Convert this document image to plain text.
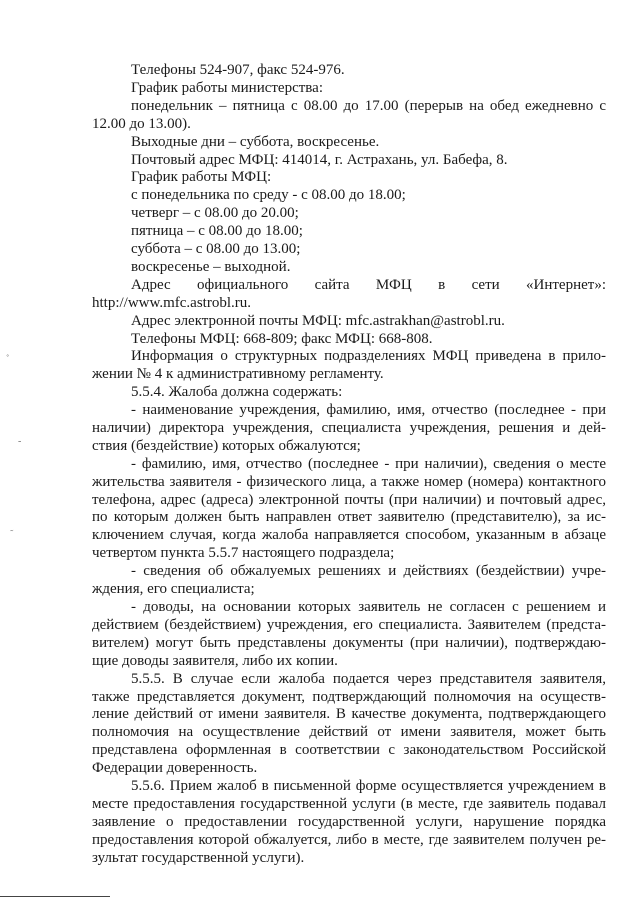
Телефоны 524-907, факс 524-976.
График работы министерства:
понедельник – пятница с 08.00 до 17.00 (перерыв на обед ежедневно с
12.00 до 13.00).
Выходные дни – суббота, воскресенье.
Почтовый адрес МФЦ: 414014, г. Астрахань, ул. Бабефа, 8.
График работы МФЦ:
с понедельника по среду - с 08.00 до 18.00;
четверг – с 08.00 до 20.00;
пятница – с 08.00 до 18.00;
суббота – с 08.00 до 13.00;
воскресенье – выходной.
Адрес официального сайта МФЦ в сети «Интернет»:
http://www.mfc.astrobl.ru.
Адрес электронной почты МФЦ: mfc.astrakhan@astrobl.ru.
Телефоны МФЦ: 668-809; факс МФЦ: 668-808.
Информация о структурных подразделениях МФЦ приведена в прило-
жении № 4 к административному регламенту.
5.5.4. Жалоба должна содержать:
- наименование учреждения, фамилию, имя, отчество (последнее - при
наличии) директора учреждения, специалиста учреждения, решения и дей-
ствия (бездействие) которых обжалуются;
- фамилию, имя, отчество (последнее - при наличии), сведения о месте
жительства заявителя - физического лица, а также номер (номера) контактного
телефона, адрес (адреса) электронной почты (при наличии) и почтовый адрес,
по которым должен быть направлен ответ заявителю (представителю), за ис-
ключением случая, когда жалоба направляется способом, указанным в абзаце
четвертом пункта 5.5.7 настоящего подраздела;
- сведения об обжалуемых решениях и действиях (бездействии) учре-
ждения, его специалиста;
- доводы, на основании которых заявитель не согласен с решением и
действием (бездействием) учреждения, его специалиста. Заявителем (предста-
вителем) могут быть представлены документы (при наличии), подтверждаю-
щие доводы заявителя, либо их копии.
5.5.5. В случае если жалоба подается через представителя заявителя,
также представляется документ, подтверждающий полномочия на осуществ-
ление действий от имени заявителя. В качестве документа, подтверждающего
полномочия на осуществление действий от имени заявителя, может быть
представлена оформленная в соответствии с законодательством Российской
Федерации доверенность.
5.5.6. Прием жалоб в письменной форме осуществляется учреждением в
месте предоставления государственной услуги (в месте, где заявитель подавал
заявление о предоставлении государственной услуги, нарушение порядка
предоставления которой обжалуется, либо в месте, где заявителем получен ре-
зультат государственной услуги).
˚
-
˜
